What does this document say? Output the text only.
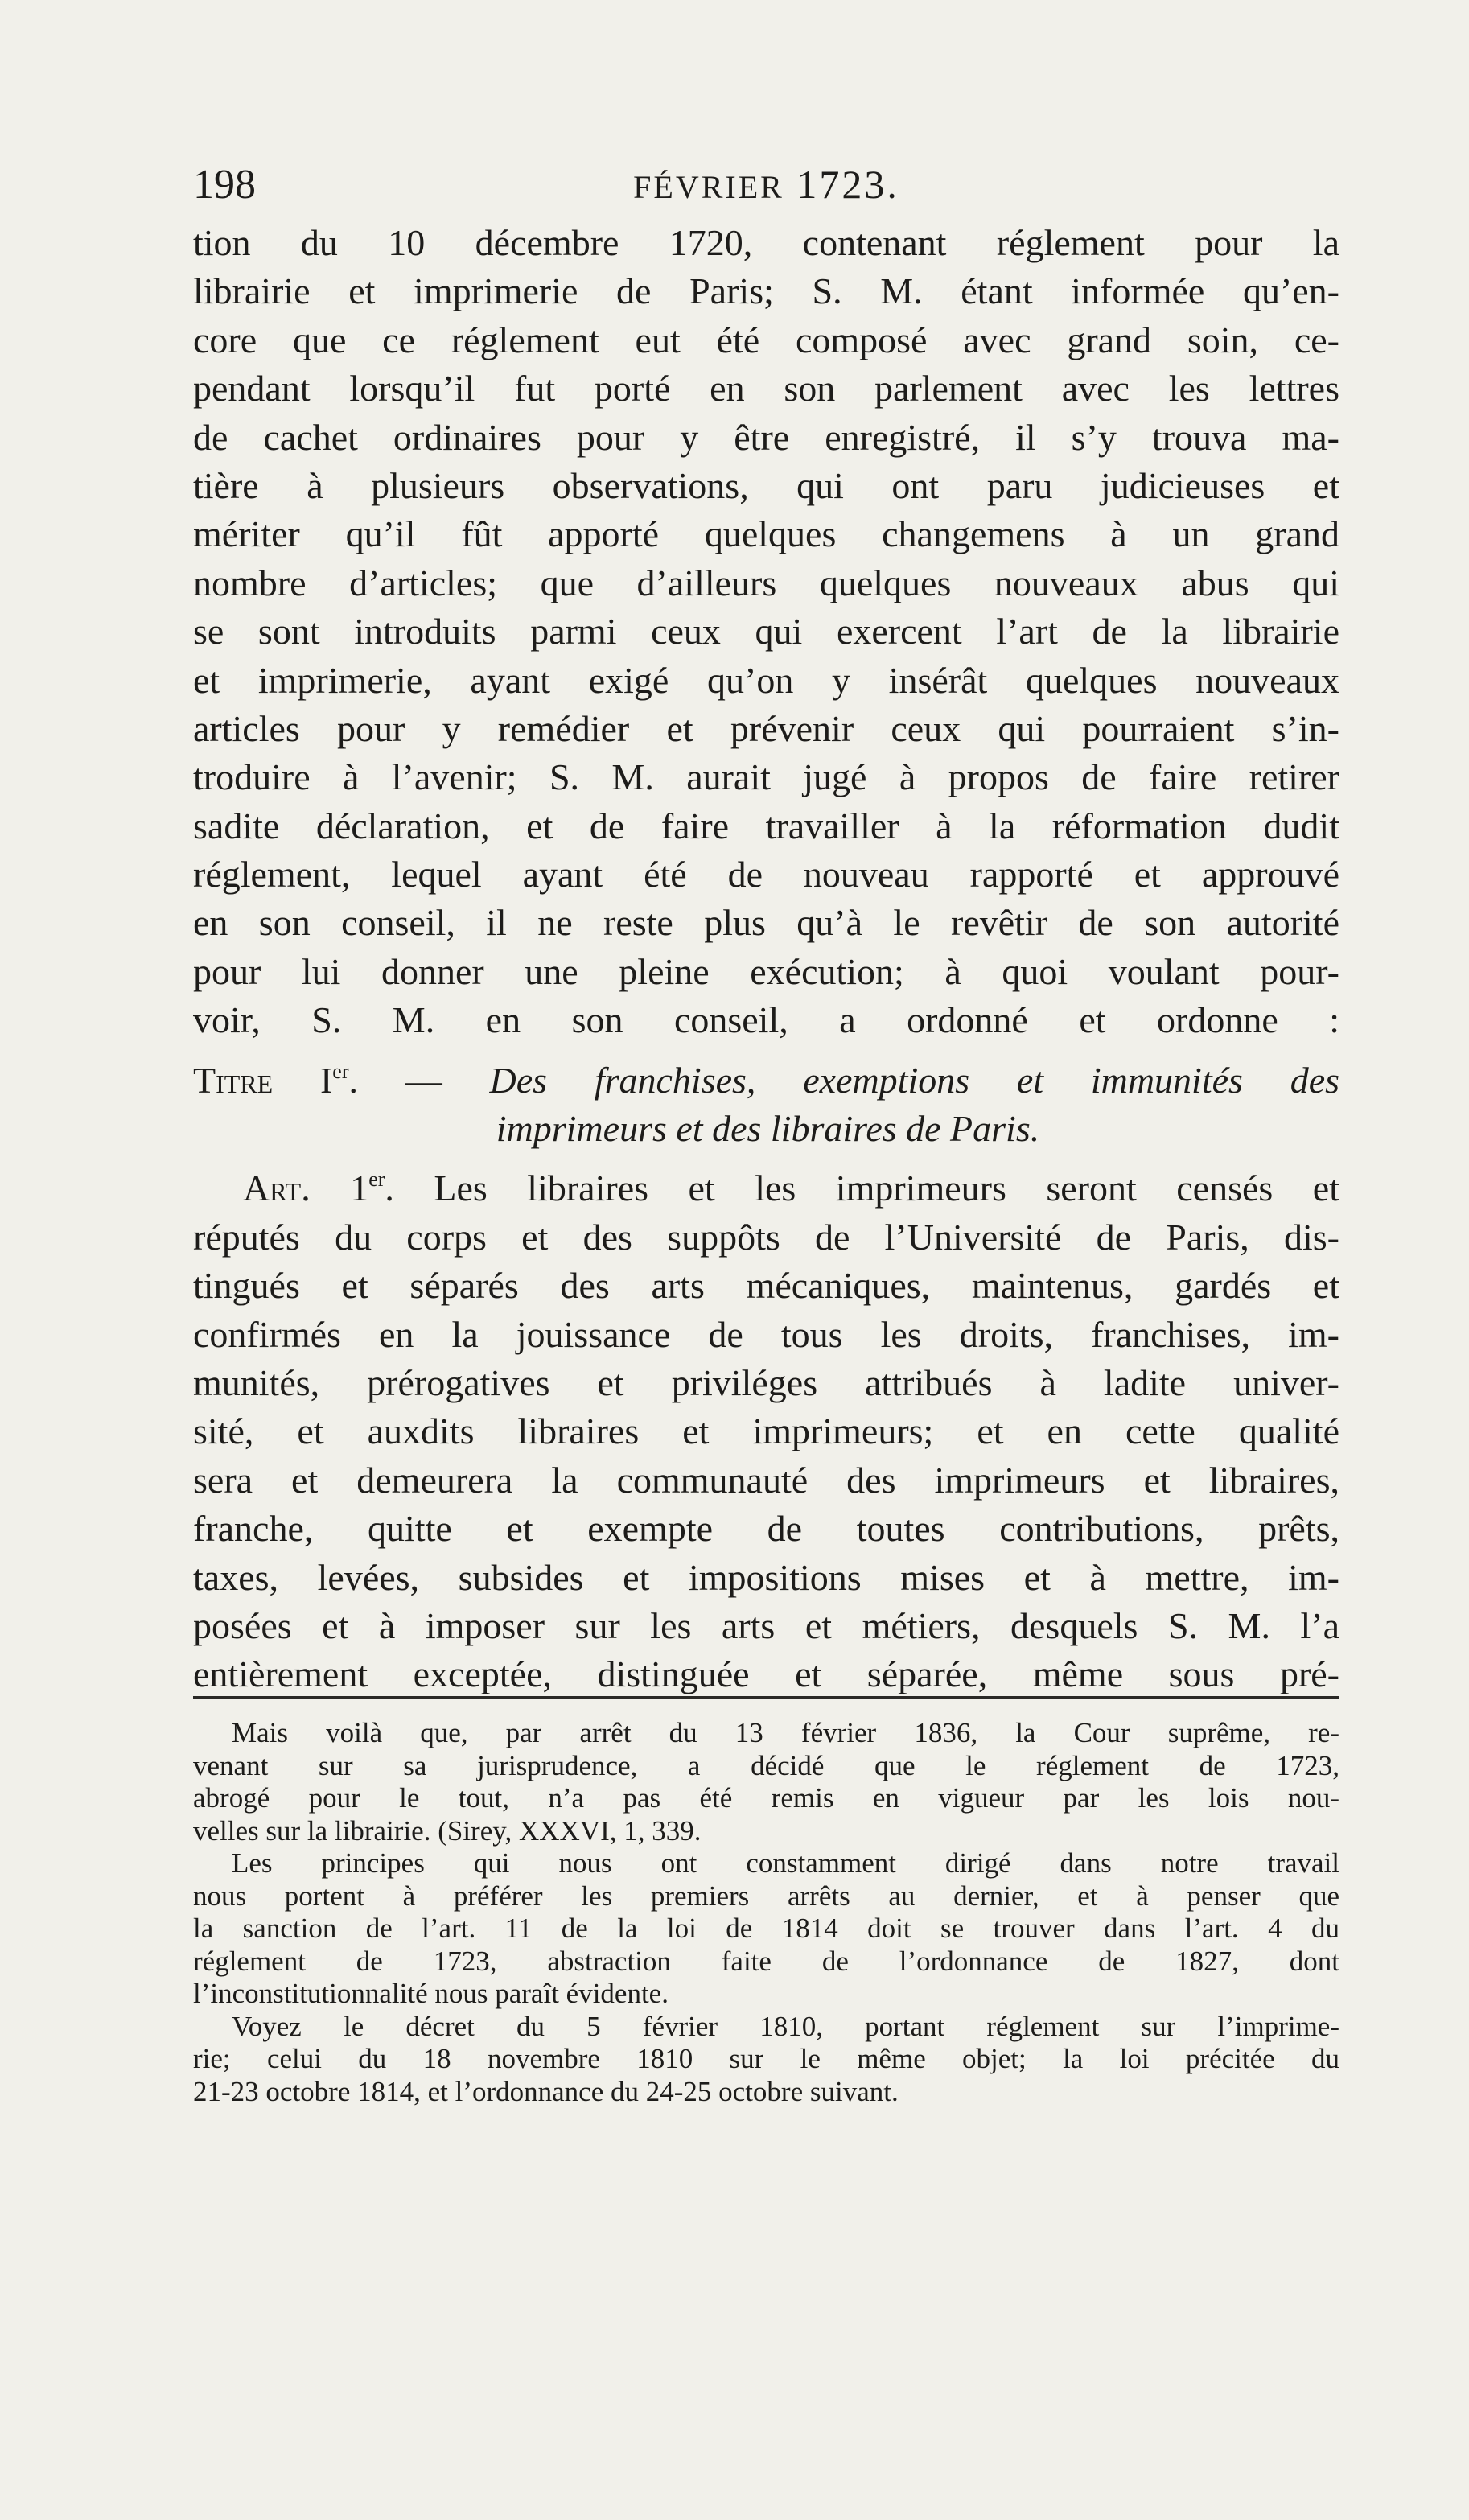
198	FÉVRIER 1723.
tion du 10 décembre 1720, contenant réglement pour la
librairie et imprimerie de Paris; S. M. étant informée qu’en-
core que ce réglement eut été composé avec grand soin, ce-
pendant lorsqu’il fut porté en son parlement avec les lettres
de cachet ordinaires pour y être enregistré, il s’y trouva ma-
tière à plusieurs observations, qui ont paru judicieuses et
mériter qu’il fût apporté quelques changemens à un grand
nombre d’articles; que d’ailleurs quelques nouveaux abus qui
se sont introduits parmi ceux qui exercent l’art de la librairie
et imprimerie, ayant exigé qu’on y insérât quelques nouveaux
articles pour y remédier et prévenir ceux qui pourraient s’in-
troduire à l’avenir; S. M. aurait jugé à propos de faire retirer
sadite déclaration, et de faire travailler à la réformation dudit
réglement, lequel ayant été de nouveau rapporté et approuvé
en son conseil, il ne reste plus qu’à le revêtir de son autorité
pour lui donner une pleine exécution; à quoi voulant pour-
voir, S. M. en son conseil, a ordonné et ordonne :
Titre Ier. — Des franchises, exemptions et immunités des
imprimeurs et des libraires de Paris.
Art. 1er. Les libraires et les imprimeurs seront censés et
réputés du corps et des suppôts de l’Université de Paris, dis-
tingués et séparés des arts mécaniques, maintenus, gardés et
confirmés en la jouissance de tous les droits, franchises, im-
munités, prérogatives et priviléges attribués à ladite univer-
sité, et auxdits libraires et imprimeurs; et en cette qualité
sera et demeurera la communauté des imprimeurs et libraires,
franche, quitte et exempte de toutes contributions, prêts,
taxes, levées, subsides et impositions mises et à mettre, im-
posées et à imposer sur les arts et métiers, desquels S. M. l’a
entièrement exceptée, distinguée et séparée, même sous pré-
Mais voilà que, par arrêt du 13 février 1836, la Cour suprême, re-
venant sur sa jurisprudence, a décidé que le réglement de 1723,
abrogé pour le tout, n’a pas été remis en vigueur par les lois nou-
velles sur la librairie. (Sirey, XXXVI, 1, 339.
Les principes qui nous ont constamment dirigé dans notre travail
nous portent à préférer les premiers arrêts au dernier, et à penser que
la sanction de l’art. 11 de la loi de 1814 doit se trouver dans l’art. 4 du
réglement de 1723, abstraction faite de l’ordonnance de 1827, dont
l’inconstitutionnalité nous paraît évidente.
Voyez le décret du 5 février 1810, portant réglement sur l’imprime-
rie; celui du 18 novembre 1810 sur le même objet; la loi précitée du
21-23 octobre 1814, et l’ordonnance du 24-25 octobre suivant.
